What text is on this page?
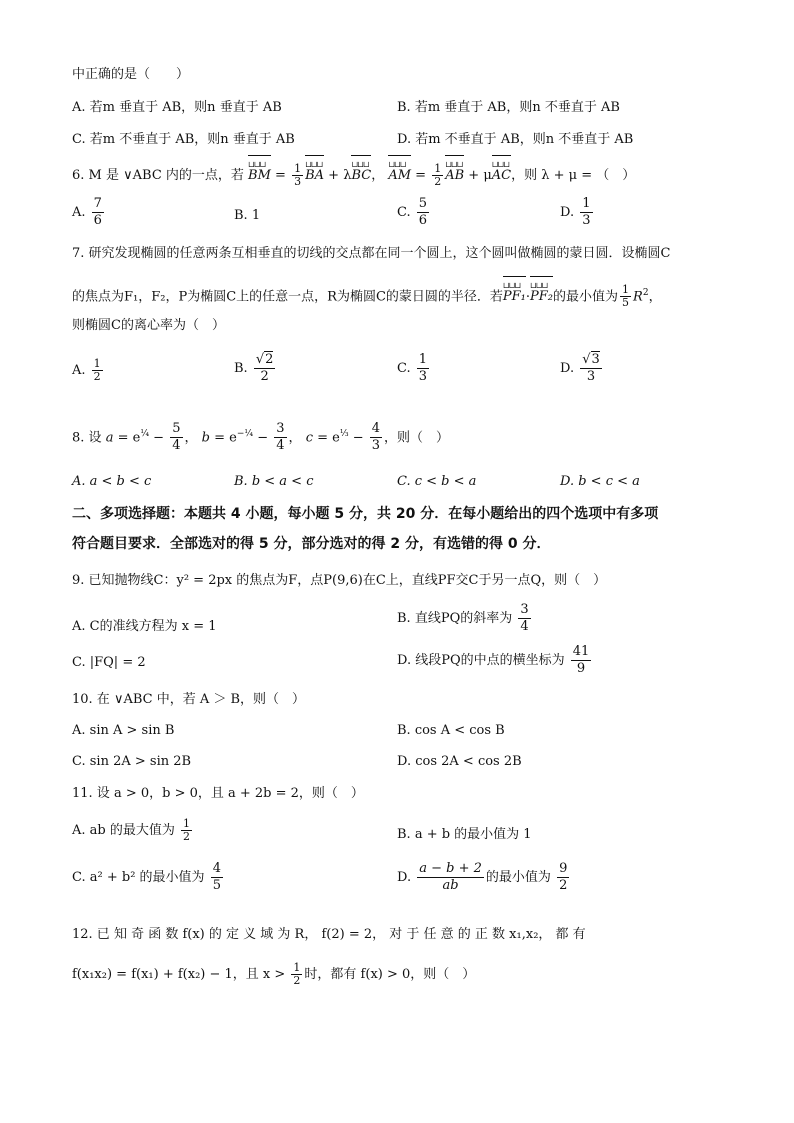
中正确的是（　　）
A. 若m 垂直于 AB，则n 垂直于 AB	B. 若m 垂直于 AB，则n 不垂直于 AB
C. 若m 不垂直于 AB，则n 垂直于 AB	D. 若m 不垂直于 AB，则n 不垂直于 AB
6. M 是 ∨ABC 内的一点，若 BM ⊔⊔⊔ = $\frac{1}{3}$ BA ⊔⊔⊔ + λBC ⊔⊔⊔， AM ⊔⊔⊔ = $\frac{1}{2}$ AB ⊔⊔⊔ + μAC ⊔⊔⊔，则 λ + μ = （　）
A. $\frac{7}{6}$	B. 1	C. $\frac{5}{6}$	D. $\frac{1}{3}$
7. 研究发现椭圆的任意两条互相垂直的切线的交点都在同一个圆上，这个圆叫做椭圆的蒙日圆．设椭圆C
的焦点为F₁，F₂，P为椭圆C上的任意一点，R为椭圆C的蒙日圆的半径．若PF₁ ⊔⊔⊔·PF₂ ⊔⊔⊔的最小值为 $\frac{1}{5} R^2$，
则椭圆C的离心率为（　）
A. $\frac{1}{2}$	B. $\frac{√2}{2}$	C. $\frac{1}{3}$	D. $\frac{√3}{3}$
8. 设 $a = e^{\frac{1}{4}} - \frac{5}{4}$ ， $b = e^{-\frac{1}{4}} - \frac{3}{4}$ ， $c = e^{\frac{1}{3}} - \frac{4}{3}$ ，则（　）
A. a < b < c	B. b < a < c	C. c < b < a	D. b < c < a
二、多项选择题：本题共 4 小题，每小题 5 分，共 20 分．在每小题给出的四个选项中有多项
符合题目要求．全部选对的得 5 分，部分选对的得 2 分，有选错的得 0 分．
9. 已知抛物线C：y² = 2px 的焦点为F，点P(9,6)在C上，直线PF交C于另一点Q，则（　）
A. C的准线方程为 x = 1
B. 直线PQ的斜率为 $\frac{3}{4}$
C. |FQ| = 2	D. 线段PQ的中点的横坐标为 $\frac{41}{9}$
10. 在 ∨ABC 中，若 A ＞ B，则（　）
A. sin A > sin B	B. cos A < cos B
C. sin 2A > sin 2B	D. cos 2A < cos 2B
11. 设 a > 0，b > 0，且 a + 2b = 2，则（　）
A. ab 的最大值为 $\frac{1}{2}$	B. a + b 的最小值为 1
C. a² + b² 的最小值为 $\frac{4}{5}$	D. $\frac{a - b + 2}{ab}$ 的最小值为 $\frac{9}{2}$
12. 已 知 奇 函 数 f(x) 的 定 义 域 为 R， f(2) = 2， 对 于 任 意 的 正 数 x₁,x₂， 都 有
f(x₁x₂) = f(x₁) + f(x₂) − 1，且 $x > \frac{1}{2}$ 时，都有 f(x) > 0，则（　）
